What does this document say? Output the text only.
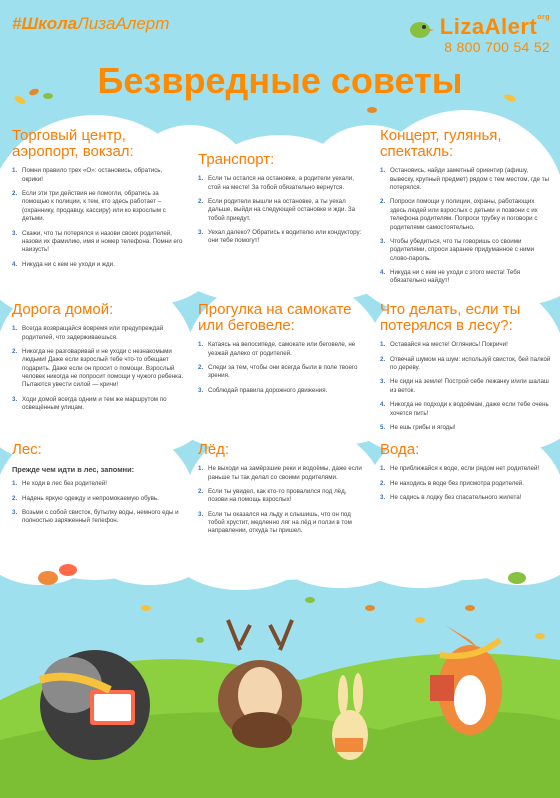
#ШколаЛизаАлерт	LizaAlert$^{org}$
8 800 700 54 52
Безвредные советы
Торговый центр, аэропорт, вокзал:
1. Помни правило трех «О»: остановись, обратись, окрики!
2. Если эти три действия не помогли, обратись за помощью к полиции, к тем, кто здесь работает – (охраннику, продавцу, кассиру) или ко взрослым с детьми.
3. Скажи, что ты потерялся и назови своих родителей, назови их фамилию, имя и номер телефона. Помни его наизусть!
4. Никуда ни с кем не уходи и жди.
Транспорт:
1. Если ты остался на остановке, а родители уехали, стой на месте! За тобой обязательно вернутся.
2. Если родители вышли на остановке, а ты уехал дальше, выйди на следующей остановке и жди. За тобой приедут.
3. Уехал далеко? Обратись к водителю или кондуктору: они тебе помогут!
Концерт, гулянья, спектакль:
1. Остановись, найди заметный ориентир (афишу, вывеску, крупный предмет) рядом с тем местом, где ты потерялся.
2. Попроси помощи у полиции, охраны, работающих здесь людей или взрослых с детьми и позвони с их телефона родителям. Попроси трубку и поговори с родителями самостоятельно.
3. Чтобы убедиться, что ты говоришь со своими родителями, спроси заранее придуманное с ними слово-пароль.
4. Никуда ни с кем не уходи с этого места! Тебя обязательно найдут!
Дорога домой:
1. Всегда возвращайся вовремя или предупреждай родителей, что задерживаешься.
2. Никогда не разговаривай и не уходи с незнакомыми людьми! Даже если взрослый тебе что-то обещает подарить. Даже если он просит о помощи. Взрослый человек никогда не попросит помощи у чужого ребенка. Пытаются увести силой — кричи!
3. Ходи домой всегда одним и тем же маршрутом по освещённым улицам.
Прогулка на самокате или беговеле:
1. Катаясь на велосипеде, самокате или беговеле, не уезжай далеко от родителей.
2. Следи за тем, чтобы они всегда были в поле твоего зрения.
3. Соблюдай правила дорожного движения.
Что делать, если ты потерялся в лесу?:
1. Оставайся на месте! Оглянись! Покричи!
2. Отвечай шумом на шум: используй свисток, бей палкой по дереву.
3. Не сиди на земле! Построй себе лежанку и/или шалаш из веток.
4. Никогда не подходи к водоёмам, даже если тебе очень хочется пить!
5. Не ешь грибы и ягоды!
Лес:
Прежде чем идти в лес, запомни:
1. Не ходи в лес без родителей!
2. Надень яркую одежду и непромокаемую обувь.
3. Возьми с собой свисток, бутылку воды, немного еды и полностью заряженный телефон.
Лёд:
1. Не выходи на замёрзшие реки и водоёмы, даже если раньше ты так делал со своими родителями.
2. Если ты увидел, как кто-то провалился под лёд, позови на помощь взрослых!
3. Если ты оказался на льду и слышишь, что он под тобой хрустит, медленно ляг на лёд и ползи в том направлении, откуда ты пришел.
Вода:
1. Не приближайся к воде, если рядом нет родителей!
2. Не находись в воде без присмотра родителей.
3. Не садись в лодку без спасательного жилета!
